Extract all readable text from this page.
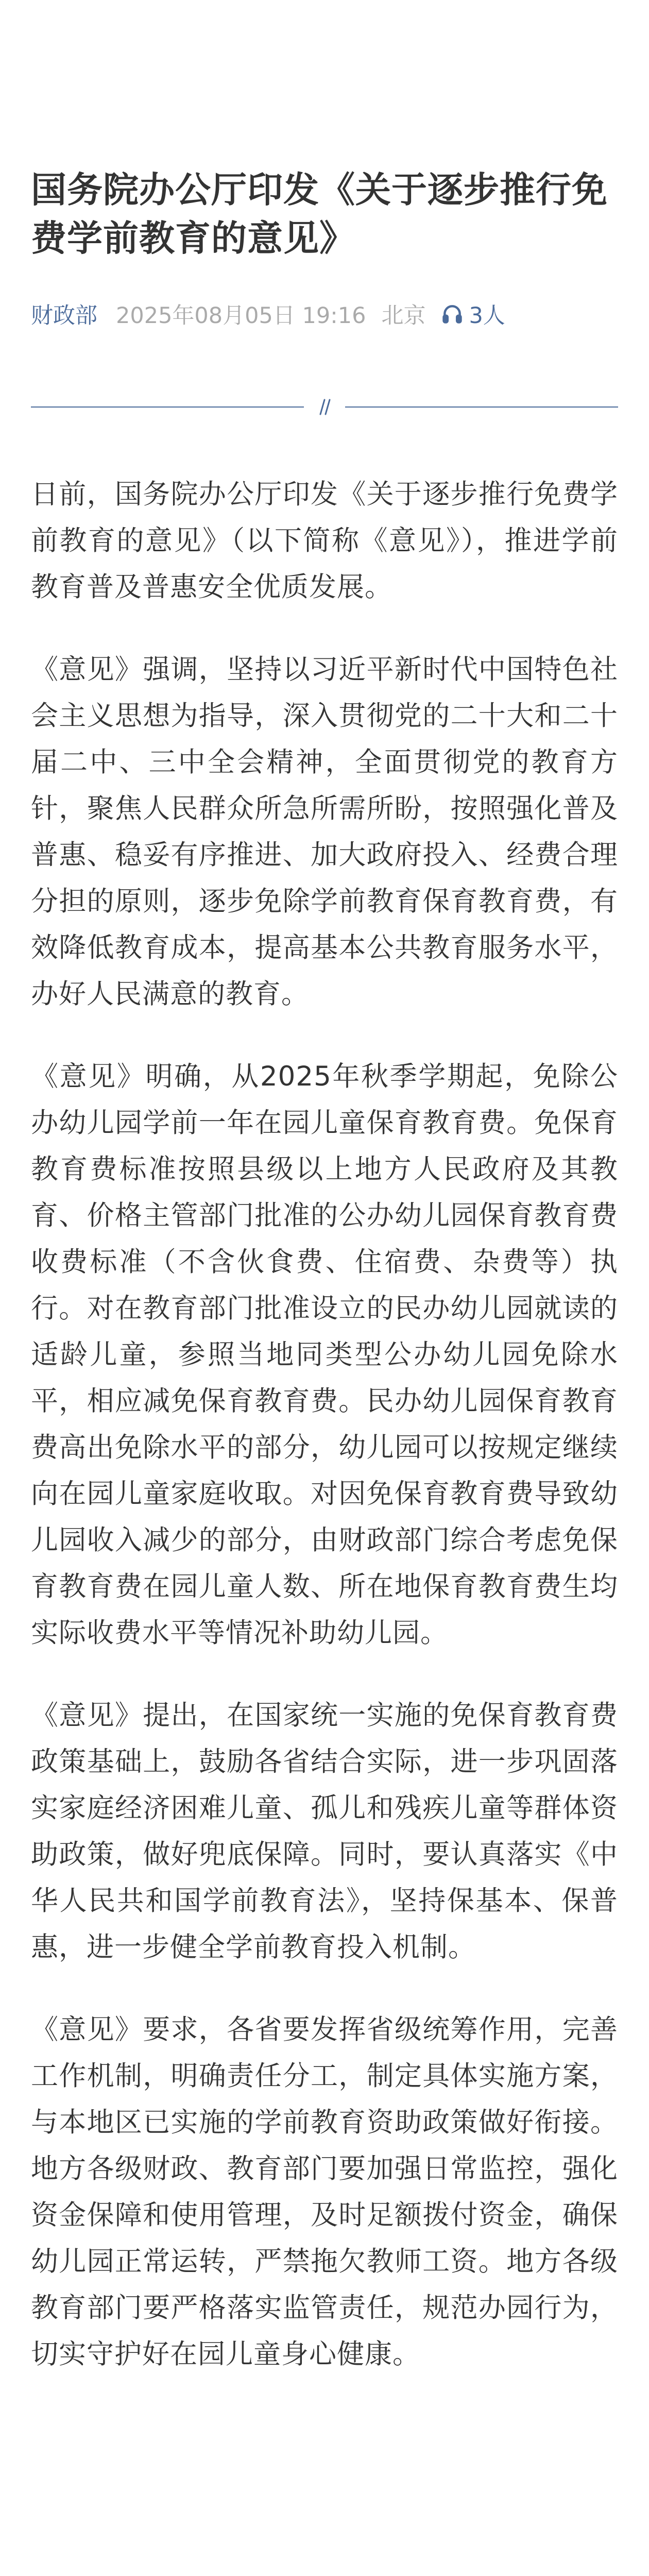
国务院办公厅印发《关于逐步推行免费学前教育的意见》
财政部 2025年08月05日 19:16 北京 3人

日前，国务院办公厅印发《关于逐步推行免费学前教育的意见》（以下简称《意见》），推进学前教育普及普惠安全优质发展。

《意见》强调，坚持以习近平新时代中国特色社会主义思想为指导，深入贯彻党的二十大和二十届二中、三中全会精神，全面贯彻党的教育方针，聚焦人民群众所急所需所盼，按照强化普及普惠、稳妥有序推进、加大政府投入、经费合理分担的原则，逐步免除学前教育保育教育费，有效降低教育成本，提高基本公共教育服务水平，办好人民满意的教育。

《意见》明确，从2025年秋季学期起，免除公办幼儿园学前一年在园儿童保育教育费。免保育教育费标准按照县级以上地方人民政府及其教育、价格主管部门批准的公办幼儿园保育教育费收费标准（不含伙食费、住宿费、杂费等）执行。对在教育部门批准设立的民办幼儿园就读的适龄儿童，参照当地同类型公办幼儿园免除水平，相应减免保育教育费。民办幼儿园保育教育费高出免除水平的部分，幼儿园可以按规定继续向在园儿童家庭收取。对因免保育教育费导致幼儿园收入减少的部分，由财政部门综合考虑免保育教育费在园儿童人数、所在地保育教育费生均实际收费水平等情况补助幼儿园。

《意见》提出，在国家统一实施的免保育教育费政策基础上，鼓励各省结合实际，进一步巩固落实家庭经济困难儿童、孤儿和残疾儿童等群体资助政策，做好兜底保障。同时，要认真落实《中华人民共和国学前教育法》，坚持保基本、保普惠，进一步健全学前教育投入机制。

《意见》要求，各省要发挥省级统筹作用，完善工作机制，明确责任分工，制定具体实施方案，与本地区已实施的学前教育资助政策做好衔接。地方各级财政、教育部门要加强日常监控，强化资金保障和使用管理，及时足额拨付资金，确保幼儿园正常运转，严禁拖欠教师工资。地方各级教育部门要严格落实监管责任，规范办园行为，切实守护好在园儿童身心健康。
